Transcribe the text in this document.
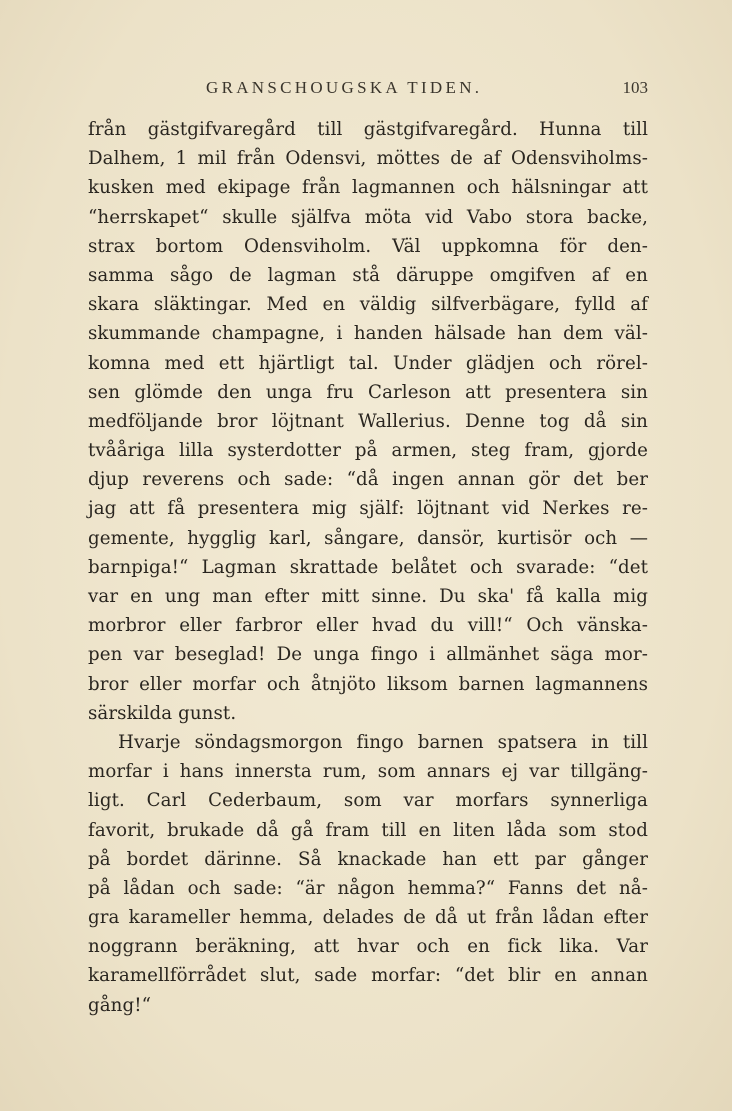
GRANSCHOUGSKA TIDEN.	103
från gästgifvaregård till gästgifvaregård. Hunna till
Dalhem, 1 mil från Odensvi, möttes de af Odensviholms-
kusken med ekipage från lagmannen och hälsningar att
“herrskapet“ skulle själfva möta vid Vabo stora backe,
strax bortom Odensviholm. Väl uppkomna för den-
samma sågo de lagman stå däruppe omgifven af en
skara släktingar. Med en väldig silfverbägare, fylld af
skummande champagne, i handen hälsade han dem väl-
komna med ett hjärtligt tal. Under glädjen och rörel-
sen glömde den unga fru Carleson att presentera sin
medföljande bror löjtnant Wallerius. Denne tog då sin
tvååriga lilla systerdotter på armen, steg fram, gjorde
djup reverens och sade: “då ingen annan gör det ber
jag att få presentera mig själf: löjtnant vid Nerkes re-
gemente, hygglig karl, sångare, dansör, kurtisör och —
barnpiga!“ Lagman skrattade belåtet och svarade: “det
var en ung man efter mitt sinne. Du ska' få kalla mig
morbror eller farbror eller hvad du vill!“ Och vänska-
pen var beseglad! De unga fingo i allmänhet säga mor-
bror eller morfar och åtnjöto liksom barnen lagmannens
särskilda gunst.
Hvarje söndagsmorgon fingo barnen spatsera in till
morfar i hans innersta rum, som annars ej var tillgäng-
ligt. Carl Cederbaum, som var morfars synnerliga
favorit, brukade då gå fram till en liten låda som stod
på bordet därinne. Så knackade han ett par gånger
på lådan och sade: “är någon hemma?“ Fanns det nå-
gra karameller hemma, delades de då ut från lådan efter
noggrann beräkning, att hvar och en fick lika. Var
karamellförrådet slut, sade morfar: “det blir en annan
gång!“
